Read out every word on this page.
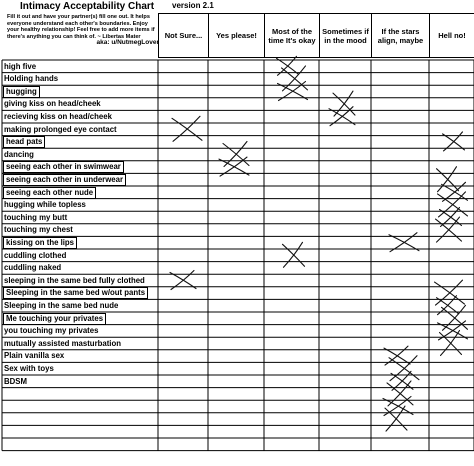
Intimacy Acceptability Chart version 2.1
Fill it out and have your partner(s) fill one out. It helps everyone understand each other's boundaries. Enjoy your healthy relationship! Feel free to add more items if there's anything you can think of. ~ Libertas Mater
aka: u/NutmegLover
Not Sure... Yes please!	Most of the time It's okay
Sometimes if in the mood
If the stars align, maybe	Hell no!
high five
Holding hands
hugging
giving kiss on head/cheek
recieving kiss on head/cheek
making prolonged eye contact
head pats
dancing
seeing each other in swimwear
seeing each other in underwear
seeing each other nude
hugging while topless
touching my butt
touching my chest
kissing on the lips
cuddling clothed
cuddling naked
sleeping in the same bed fully clothed
Sleeping in the same bed w/out pants
Sleeping in the same bed nude
Me touching your privates
you touching my privates
mutually assisted masturbation
Plain vanilla sex
Sex with toys
BDSM
